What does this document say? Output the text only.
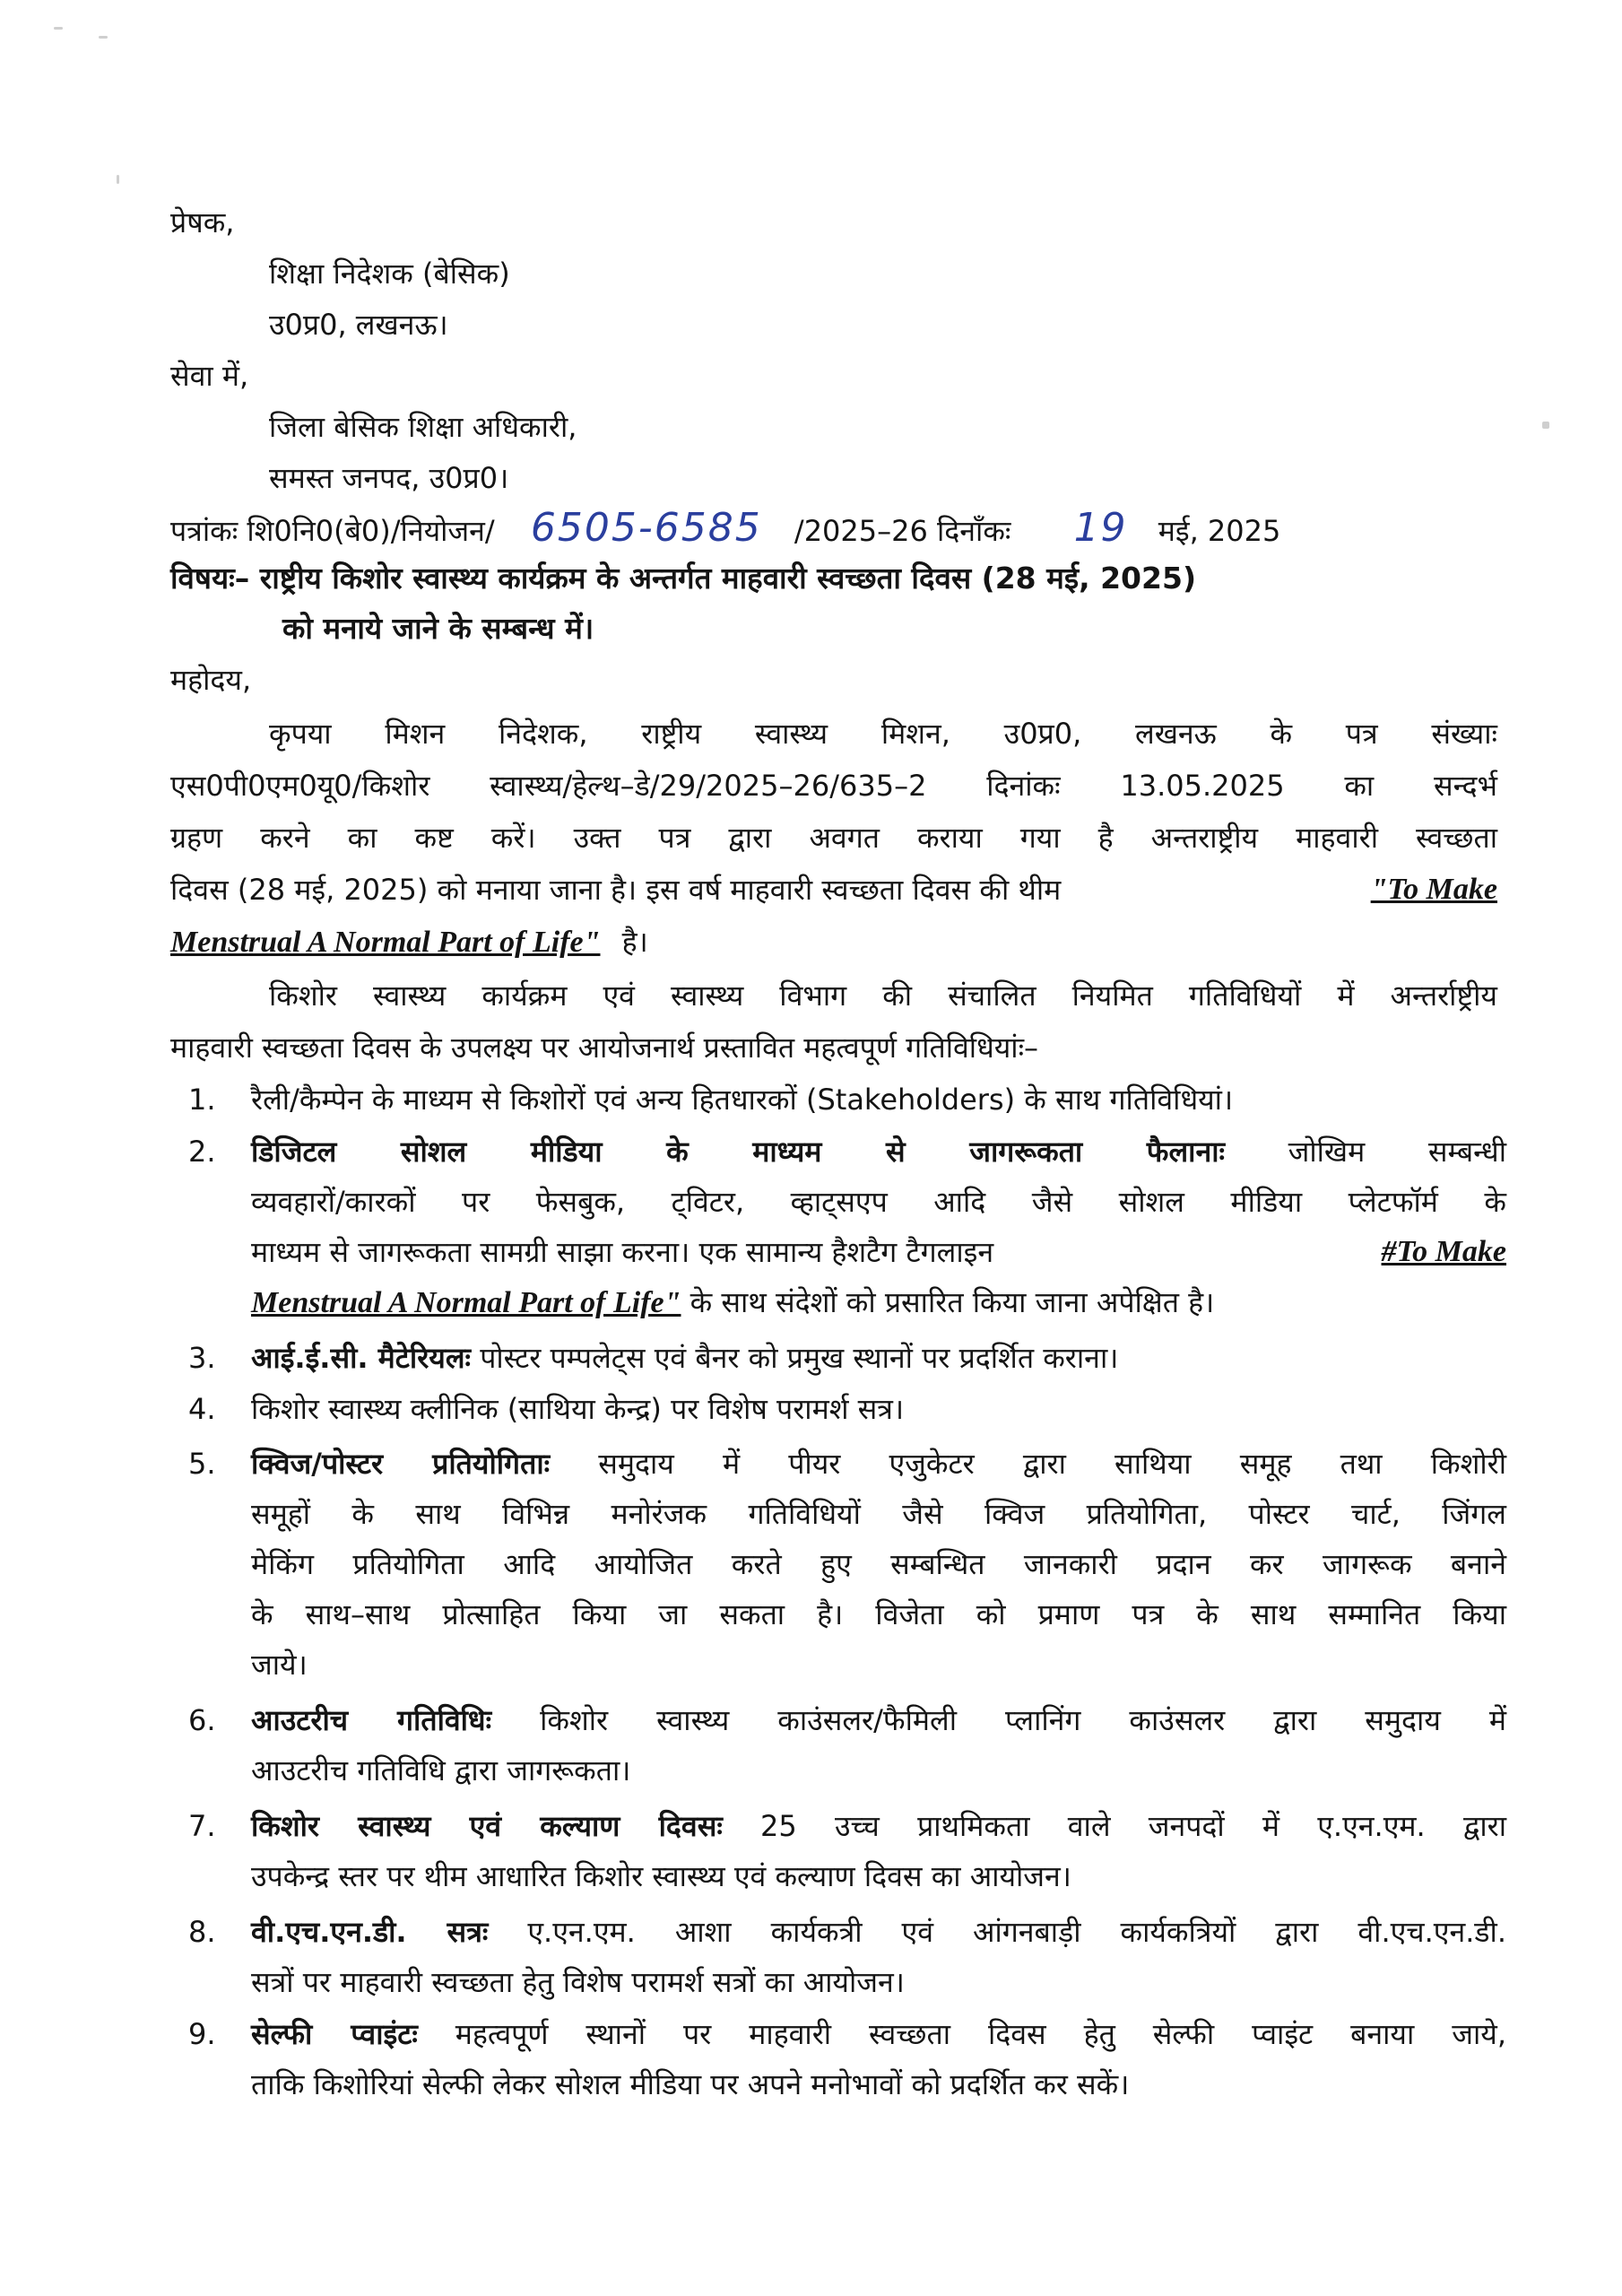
प्रेषक,
शिक्षा निदेशक (बेसिक)
उ0प्र0, लखनऊ।
सेवा में,
जिला बेसिक शिक्षा अधिकारी,
समस्त जनपद, उ0प्र0।
पत्रांकः शि0नि0(बे0)/नियोजन/ 6505-6585 /2025–26 दिनाँकः 19 मई, 2025
विषयः– राष्ट्रीय किशोर स्वास्थ्य कार्यक्रम के अन्तर्गत माहवारी स्वच्छता दिवस (28 मई, 2025)
को मनाये जाने के सम्बन्ध में।
महोदय,
कृपया मिशन निदेशक, राष्ट्रीय स्वास्थ्य मिशन, उ0प्र0, लखनऊ के पत्र संख्याः
एस0पी0एम0यू0/किशोर स्वास्थ्य/हेल्थ–डे/29/2025–26/635–2 दिनांकः 13.05.2025 का सन्दर्भ
ग्रहण करने का कष्ट करें। उक्त पत्र द्वारा अवगत कराया गया है अन्तराष्ट्रीय माहवारी स्वच्छता
दिवस (28 मई, 2025) को मनाया जाना है। इस वर्ष माहवारी स्वच्छता दिवस की थीम	"To Make
Menstrual A Normal Part of Life" है।
किशोर स्वास्थ्य कार्यक्रम एवं स्वास्थ्य विभाग की संचालित नियमित गतिविधियों में अन्तर्राष्ट्रीय
माहवारी स्वच्छता दिवस के उपलक्ष्य पर आयोजनार्थ प्रस्तावित महत्वपूर्ण गतिविधियांः–
1. रैली/कैम्पेन के माध्यम से किशोरों एवं अन्य हितधारकों (Stakeholders) के साथ गतिविधियां।
2. डिजिटल सोशल मीडिया के माध्यम से जागरूकता फैलानाः जोखिम सम्बन्धी
व्यवहारों/कारकों पर फेसबुक, ट्विटर, व्हाट्सएप आदि जैसे सोशल मीडिया प्लेटफॉर्म के
माध्यम से जागरूकता सामग्री साझा करना। एक सामान्य हैशटैग टैगलाइन	#To Make
Menstrual A Normal Part of Life" के साथ संदेशों को प्रसारित किया जाना अपेक्षित है।
3. आई.ई.सी. मैटेरियलः पोस्टर पम्पलेट्स एवं बैनर को प्रमुख स्थानों पर प्रदर्शित कराना।
4. किशोर स्वास्थ्य क्लीनिक (साथिया केन्द्र) पर विशेष परामर्श सत्र।
5. क्विज/पोस्टर प्रतियोगिताः समुदाय में पीयर एजुकेटर द्वारा साथिया समूह तथा किशोरी
समूहों के साथ विभिन्न मनोरंजक गतिविधियों जैसे क्विज प्रतियोगिता, पोस्टर चार्ट, जिंगल
मेकिंग प्रतियोगिता आदि आयोजित करते हुए सम्बन्धित जानकारी प्रदान कर जागरूक बनाने
के साथ–साथ प्रोत्साहित किया जा सकता है। विजेता को प्रमाण पत्र के साथ सम्मानित किया
जाये।
6. आउटरीच गतिविधिः किशोर स्वास्थ्य काउंसलर/फैमिली प्लानिंग काउंसलर द्वारा समुदाय में
आउटरीच गतिविधि द्वारा जागरूकता।
7. किशोर स्वास्थ्य एवं कल्याण दिवसः 25 उच्च प्राथमिकता वाले जनपदों में ए.एन.एम. द्वारा
उपकेन्द्र स्तर पर थीम आधारित किशोर स्वास्थ्य एवं कल्याण दिवस का आयोजन।
8. वी.एच.एन.डी. सत्रः ए.एन.एम. आशा कार्यकत्री एवं आंगनबाड़ी कार्यकत्रियों द्वारा वी.एच.एन.डी.
सत्रों पर माहवारी स्वच्छता हेतु विशेष परामर्श सत्रों का आयोजन।
9. सेल्फी प्वाइंटः महत्वपूर्ण स्थानों पर माहवारी स्वच्छता दिवस हेतु सेल्फी प्वाइंट बनाया जाये,
ताकि किशोरियां सेल्फी लेकर सोशल मीडिया पर अपने मनोभावों को प्रदर्शित कर सकें।
